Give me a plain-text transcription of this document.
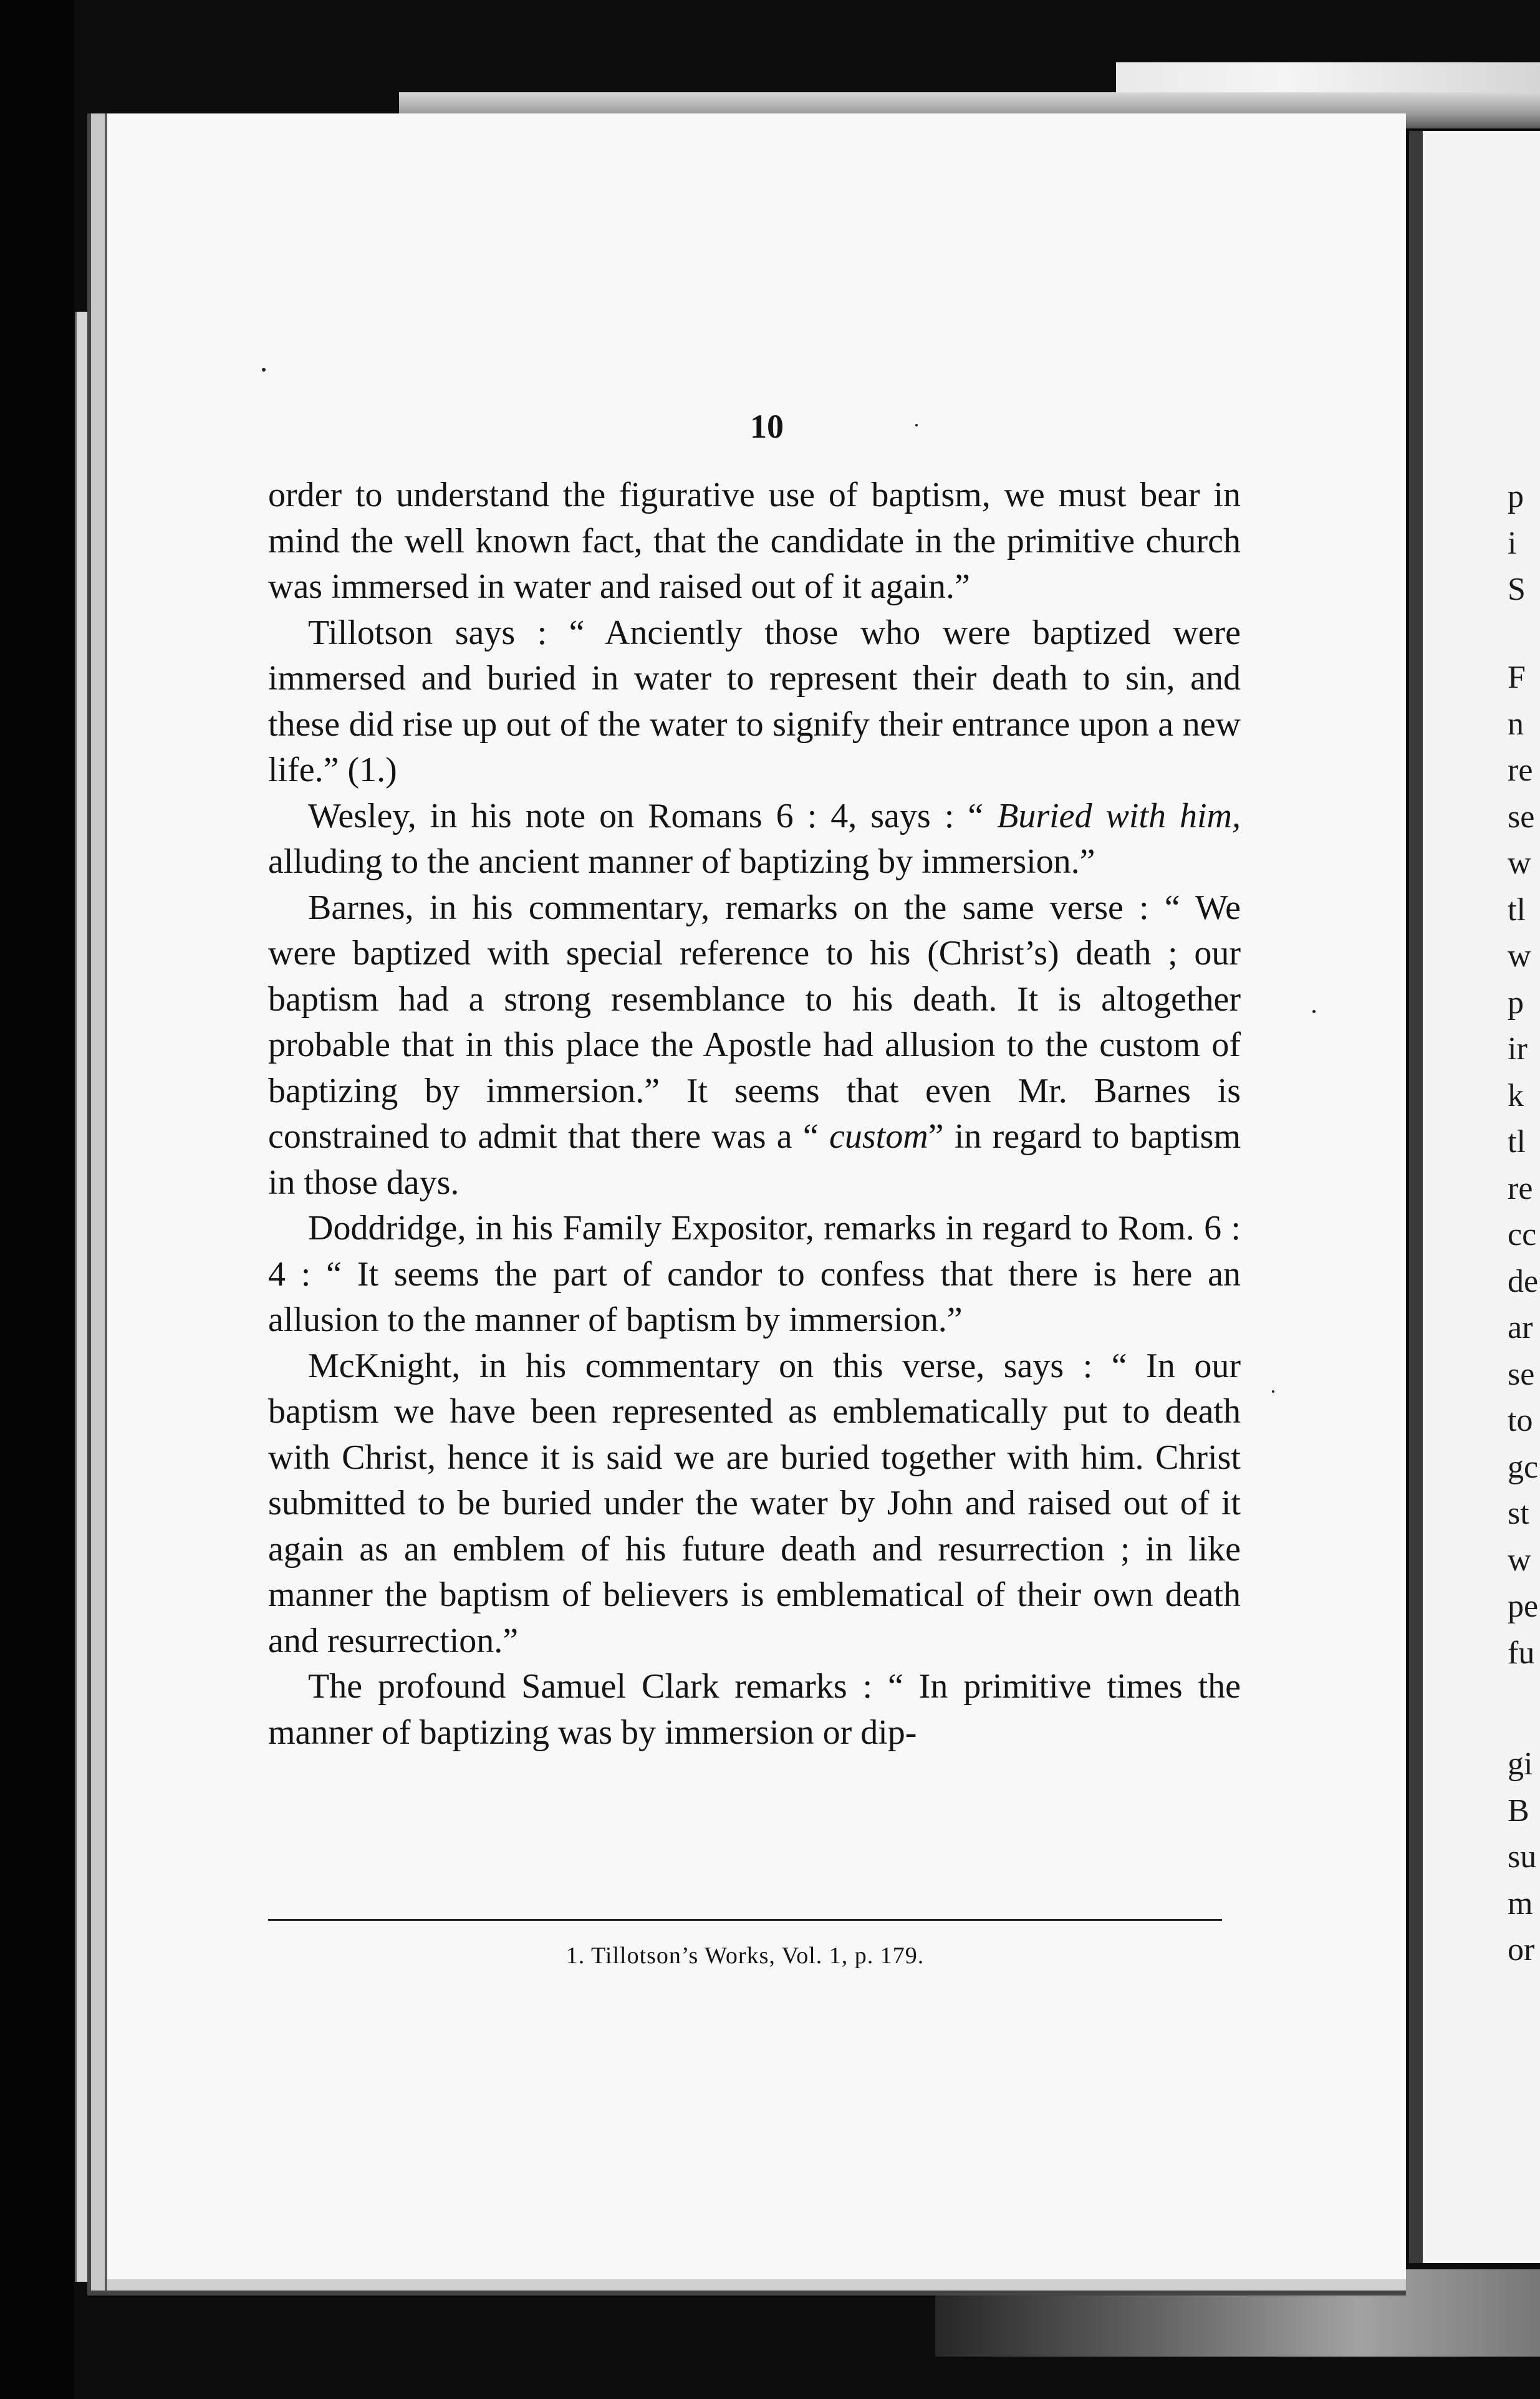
p
i
S
F
n
re
se
w
tl
w
p
ir
k
tl
re
cc
de
ar
se
to
gc
st
w
pe
fu
gi
B
su
m
or
10

order to understand the figurative use of baptism, we must bear in mind the well known fact, that the candidate in the primitive church was immersed in water and raised out of it again.”

Tillotson says : “ Anciently those who were baptized were immersed and buried in water to represent their death to sin, and these did rise up out of the water to signify their entrance upon a new life.” (1.)

Wesley, in his note on Romans 6 : 4, says : “ Buried with him, alluding to the ancient manner of baptizing by immersion.”

Barnes, in his commentary, remarks on the same verse : “ We were baptized with special reference to his (Christ’s) death ; our baptism had a strong resemblance to his death. It is altogether probable that in this place the Apostle had allusion to the custom of baptizing by immersion.” It seems that even Mr. Barnes is constrained to admit that there was a “ custom” in regard to baptism in those days.

Doddridge, in his Family Expositor, remarks in regard to Rom. 6 : 4 : “ It seems the part of candor to confess that there is here an allusion to the manner of baptism by immersion.”

McKnight, in his commentary on this verse, says : “ In our baptism we have been represented as emblematically put to death with Christ, hence it is said we are buried together with him. Christ submitted to be buried under the water by John and raised out of it again as an emblem of his future death and resurrection ; in like manner the baptism of believers is emblematical of their own death and resurrection.”

The profound Samuel Clark remarks : “ In primitive times the manner of baptizing was by immersion or dip-

1. Tillotson’s Works, Vol. 1, p. 179.
